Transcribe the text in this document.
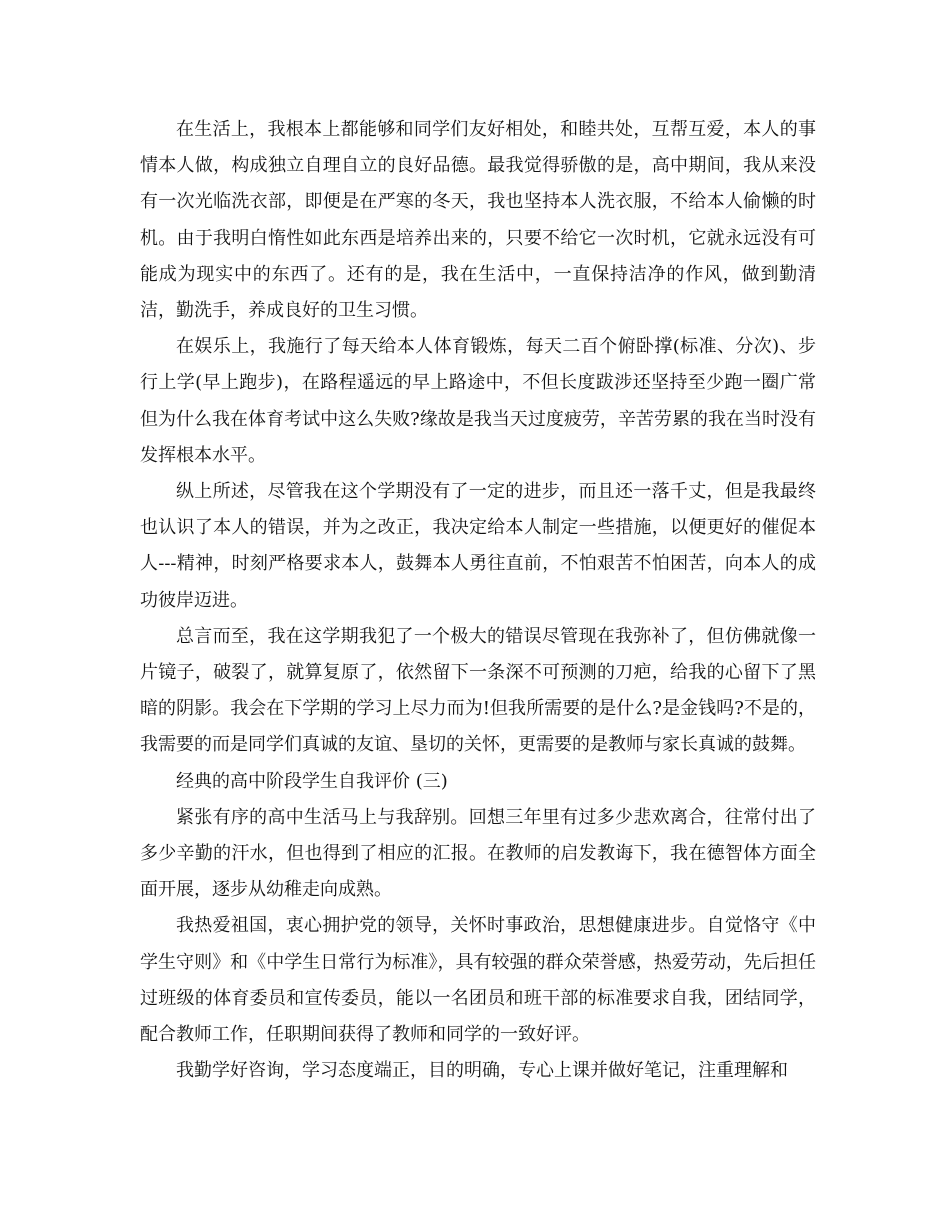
在生活上，我根本上都能够和同学们友好相处，和睦共处，互帮互爱，本人的事情本人做，构成独立自理自立的良好品德。最我觉得骄傲的是，高中期间，我从来没有一次光临洗衣部，即便是在严寒的冬天，我也坚持本人洗衣服，不给本人偷懒的时机。由于我明白惰性如此东西是培养出来的，只要不给它一次时机，它就永远没有可能成为现实中的东西了。还有的是，我在生活中，一直保持洁净的作风，做到勤清洁，勤洗手，养成良好的卫生习惯。

在娱乐上，我施行了每天给本人体育锻炼，每天二百个俯卧撑(标准、分次)、步行上学(早上跑步)，在路程遥远的早上路途中，不但长度跋涉还坚持至少跑一圈广常但为什么我在体育考试中这么失败?缘故是我当天过度疲劳，辛苦劳累的我在当时没有发挥根本水平。

纵上所述，尽管我在这个学期没有了一定的进步，而且还一落千丈，但是我最终也认识了本人的错误，并为之改正，我决定给本人制定一些措施，以便更好的催促本人---精神，时刻严格要求本人，鼓舞本人勇往直前，不怕艰苦不怕困苦，向本人的成功彼岸迈进。

总言而至，我在这学期我犯了一个极大的错误尽管现在我弥补了，但仿佛就像一片镜子，破裂了，就算复原了，依然留下一条深不可预测的刀疤，给我的心留下了黑暗的阴影。我会在下学期的学习上尽力而为!但我所需要的是什么?是金钱吗?不是的，我需要的而是同学们真诚的友谊、垦切的关怀，更需要的是教师与家长真诚的鼓舞。

经典的高中阶段学生自我评价 (三)

紧张有序的高中生活马上与我辞别。回想三年里有过多少悲欢离合，往常付出了多少辛勤的汗水，但也得到了相应的汇报。在教师的启发教诲下，我在德智体方面全面开展，逐步从幼稚走向成熟。

我热爱祖国，衷心拥护党的领导，关怀时事政治，思想健康进步。自觉恪守《中学生守则》和《中学生日常行为标准》，具有较强的群众荣誉感，热爱劳动，先后担任过班级的体育委员和宣传委员，能以一名团员和班干部的标准要求自我，团结同学，配合教师工作，任职期间获得了教师和同学的一致好评。

我勤学好咨询，学习态度端正，目的明确，专心上课并做好笔记，注重理解和
